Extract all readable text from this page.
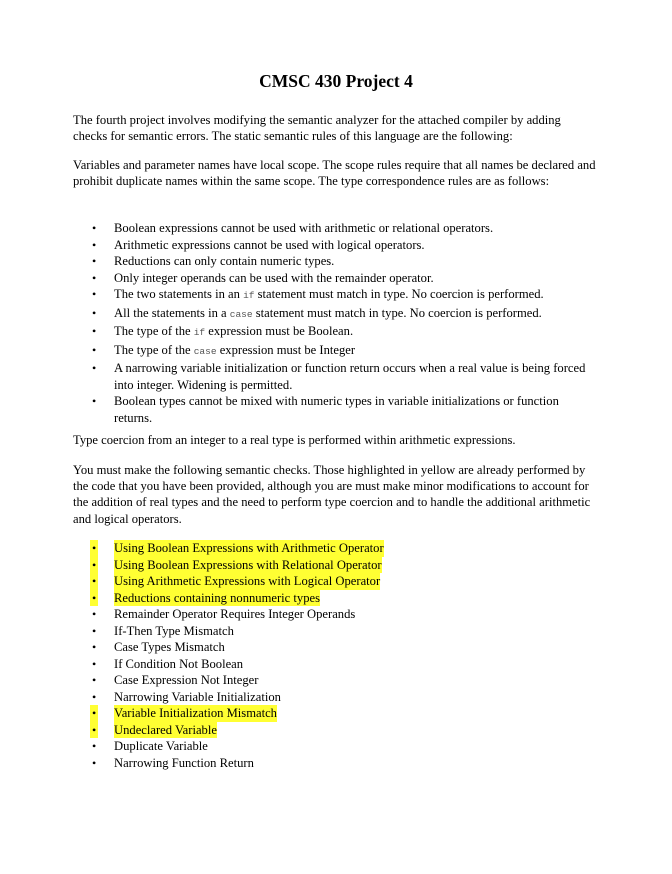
CMSC 430 Project 4

The fourth project involves modifying the semantic analyzer for the attached compiler by adding checks for semantic errors. The static semantic rules of this language are the following:

Variables and parameter names have local scope. The scope rules require that all names be declared and prohibit duplicate names within the same scope. The type correspondence rules are as follows:

• Boolean expressions cannot be used with arithmetic or relational operators.
• Arithmetic expressions cannot be used with logical operators.
• Reductions can only contain numeric types.
• Only integer operands can be used with the remainder operator.
• The two statements in an if statement must match in type. No coercion is performed.
• All the statements in a case statement must match in type. No coercion is performed.
• The type of the if expression must be Boolean.
• The type of the case expression must be Integer
• A narrowing variable initialization or function return occurs when a real value is being forced into integer. Widening is permitted.
• Boolean types cannot be mixed with numeric types in variable initializations or function returns.

Type coercion from an integer to a real type is performed within arithmetic expressions.

You must make the following semantic checks. Those highlighted in yellow are already performed by the code that you have been provided, although you are must make minor modifications to account for the addition of real types and the need to perform type coercion and to handle the additional arithmetic and logical operators.

• Using Boolean Expressions with Arithmetic Operator
• Using Boolean Expressions with Relational Operator
• Using Arithmetic Expressions with Logical Operator
• Reductions containing nonnumeric types
• Remainder Operator Requires Integer Operands
• If-Then Type Mismatch
• Case Types Mismatch
• If Condition Not Boolean
• Case Expression Not Integer
• Narrowing Variable Initialization
• Variable Initialization Mismatch
• Undeclared Variable
• Duplicate Variable
• Narrowing Function Return
